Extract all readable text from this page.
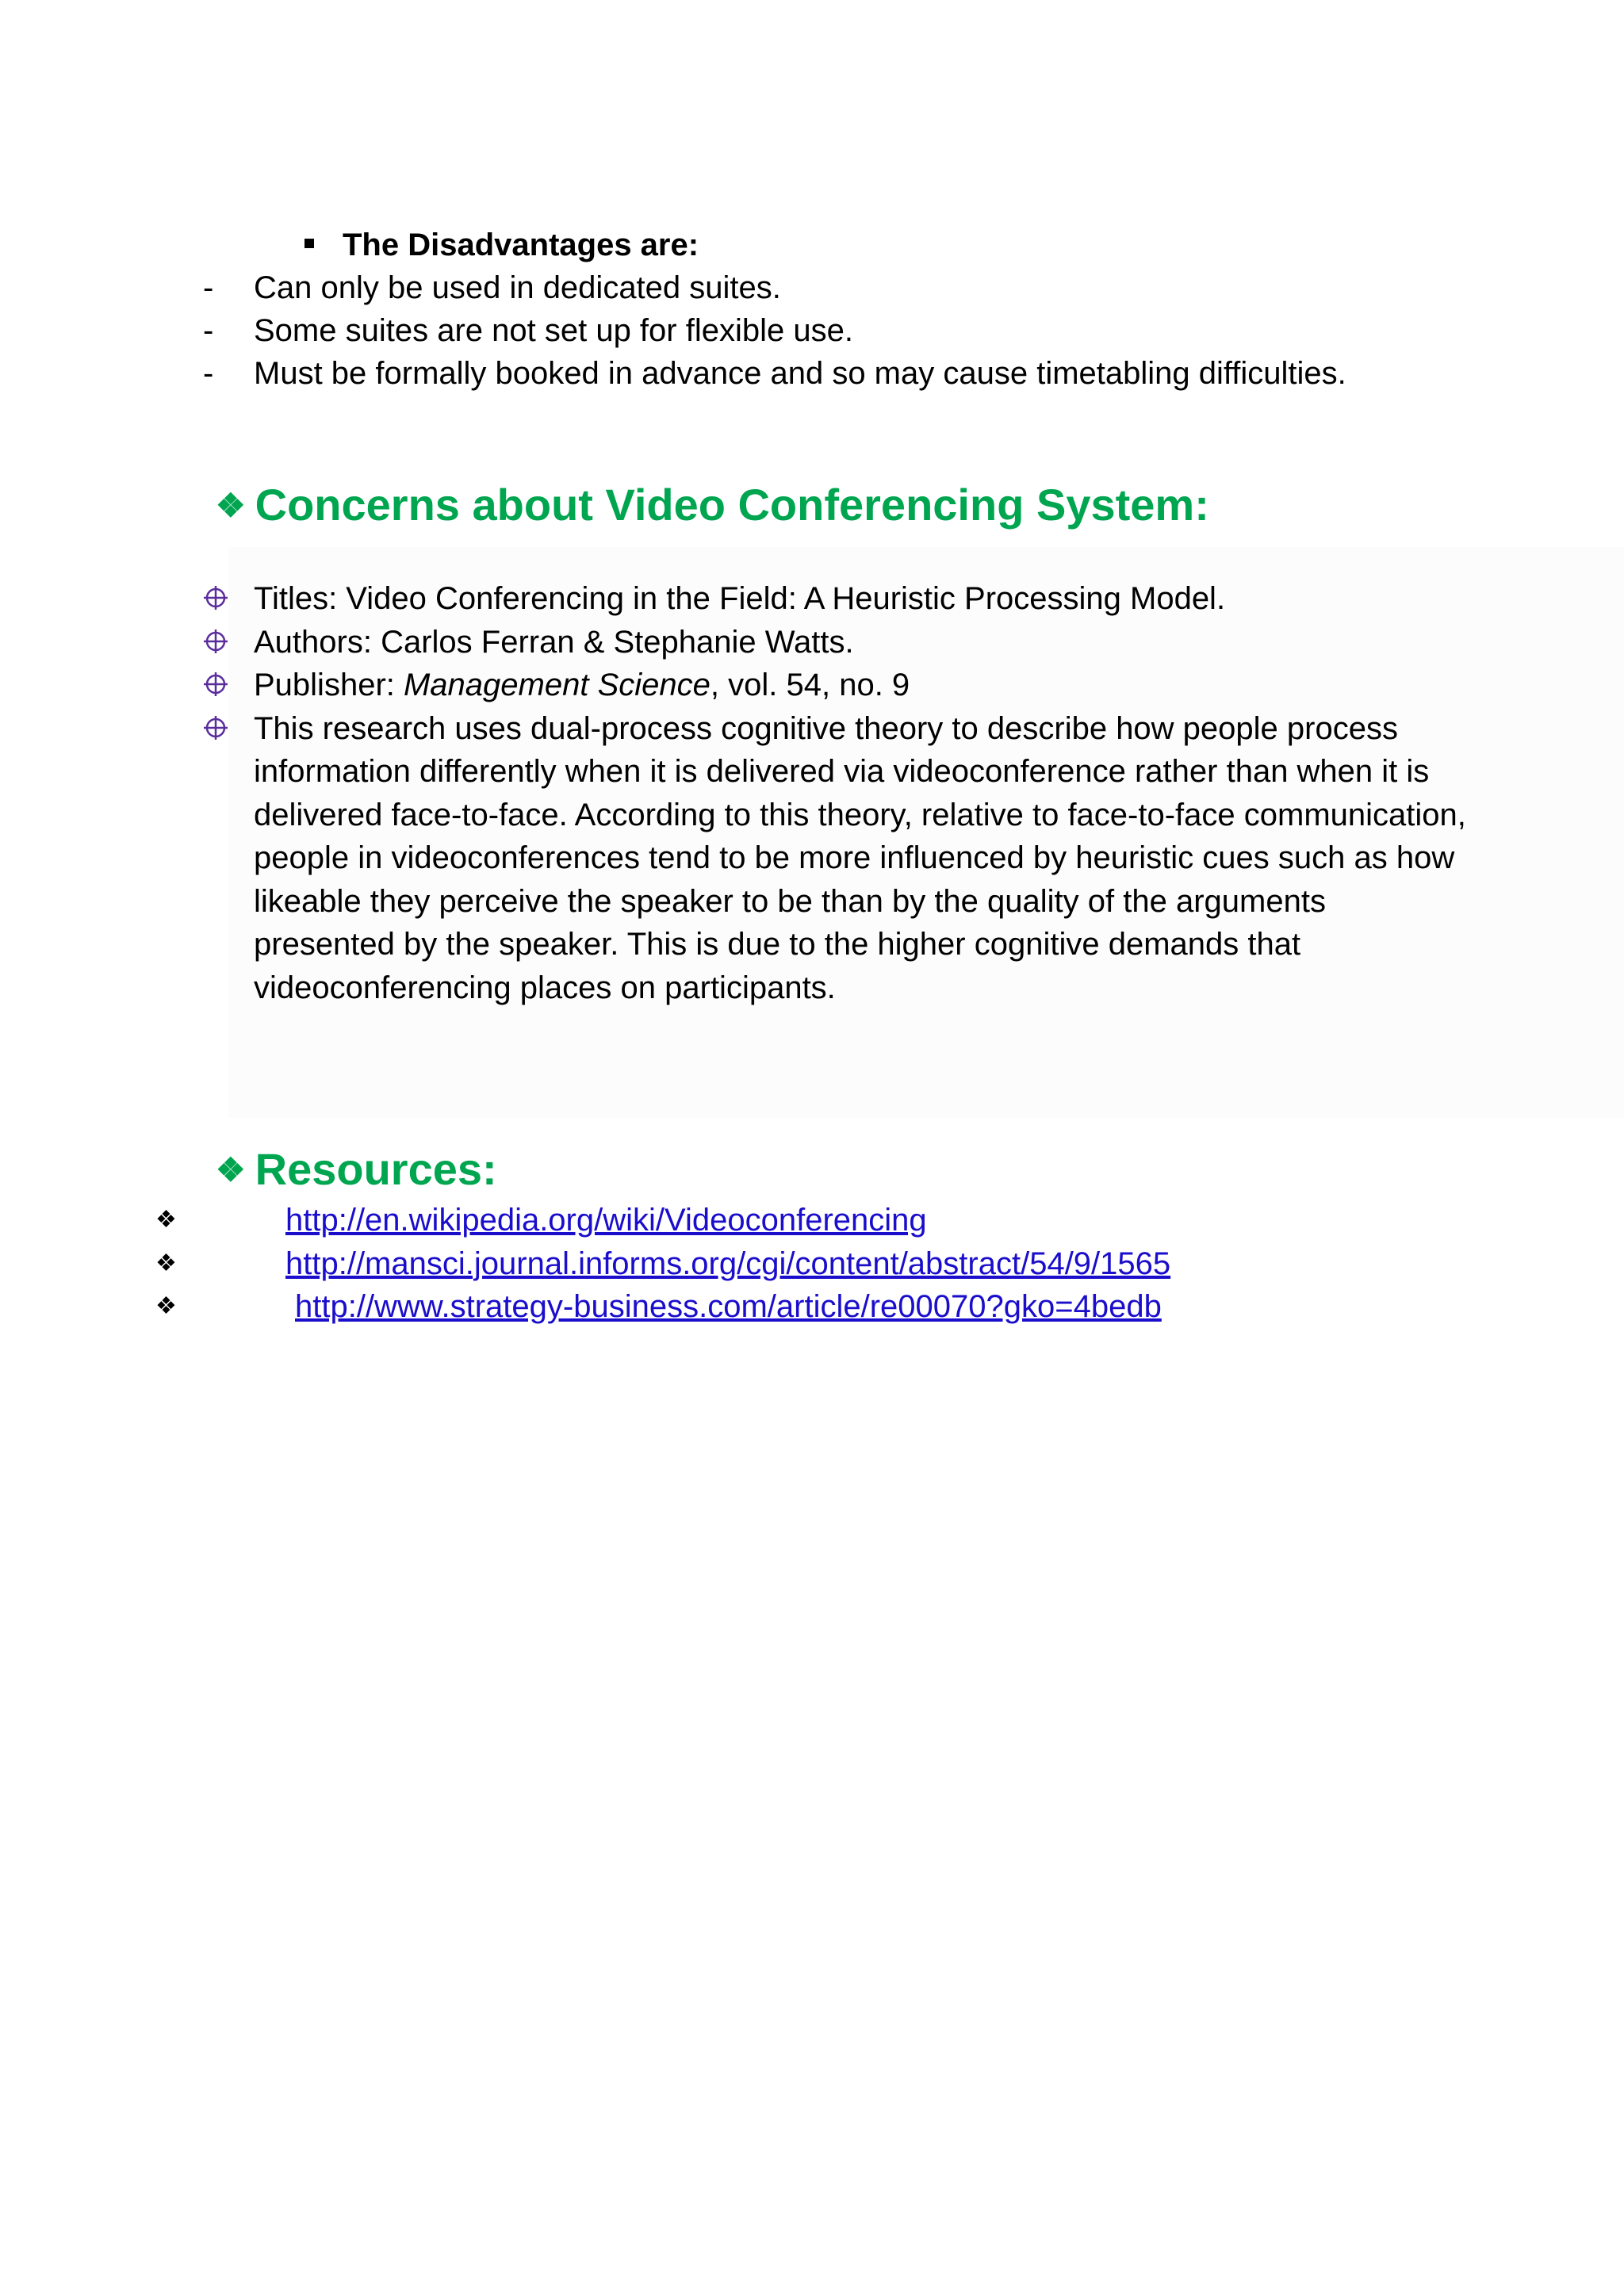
The Disadvantages are:
- Can only be used in dedicated suites.
- Some suites are not set up for flexible use.
- Must be formally booked in advance and so may cause timetabling difficulties.
❖ Concerns about Video Conferencing System:
Titles: Video Conferencing in the Field: A Heuristic Processing Model.
Authors: Carlos Ferran & Stephanie Watts.
Publisher: Management Science, vol. 54, no. 9
This research uses dual-process cognitive theory to describe how people process information differently when it is delivered via videoconference rather than when it is delivered face-to-face. According to this theory, relative to face-to-face communication, people in videoconferences tend to be more influenced by heuristic cues such as how likeable they perceive the speaker to be than by the quality of the arguments presented by the speaker. This is due to the higher cognitive demands that videoconferencing places on participants.
❖ Resources:
❖	http://en.wikipedia.org/wiki/Videoconferencing
❖	http://mansci.journal.informs.org/cgi/content/abstract/54/9/1565
❖	http://www.strategy-business.com/article/re00070?gko=4bedb
